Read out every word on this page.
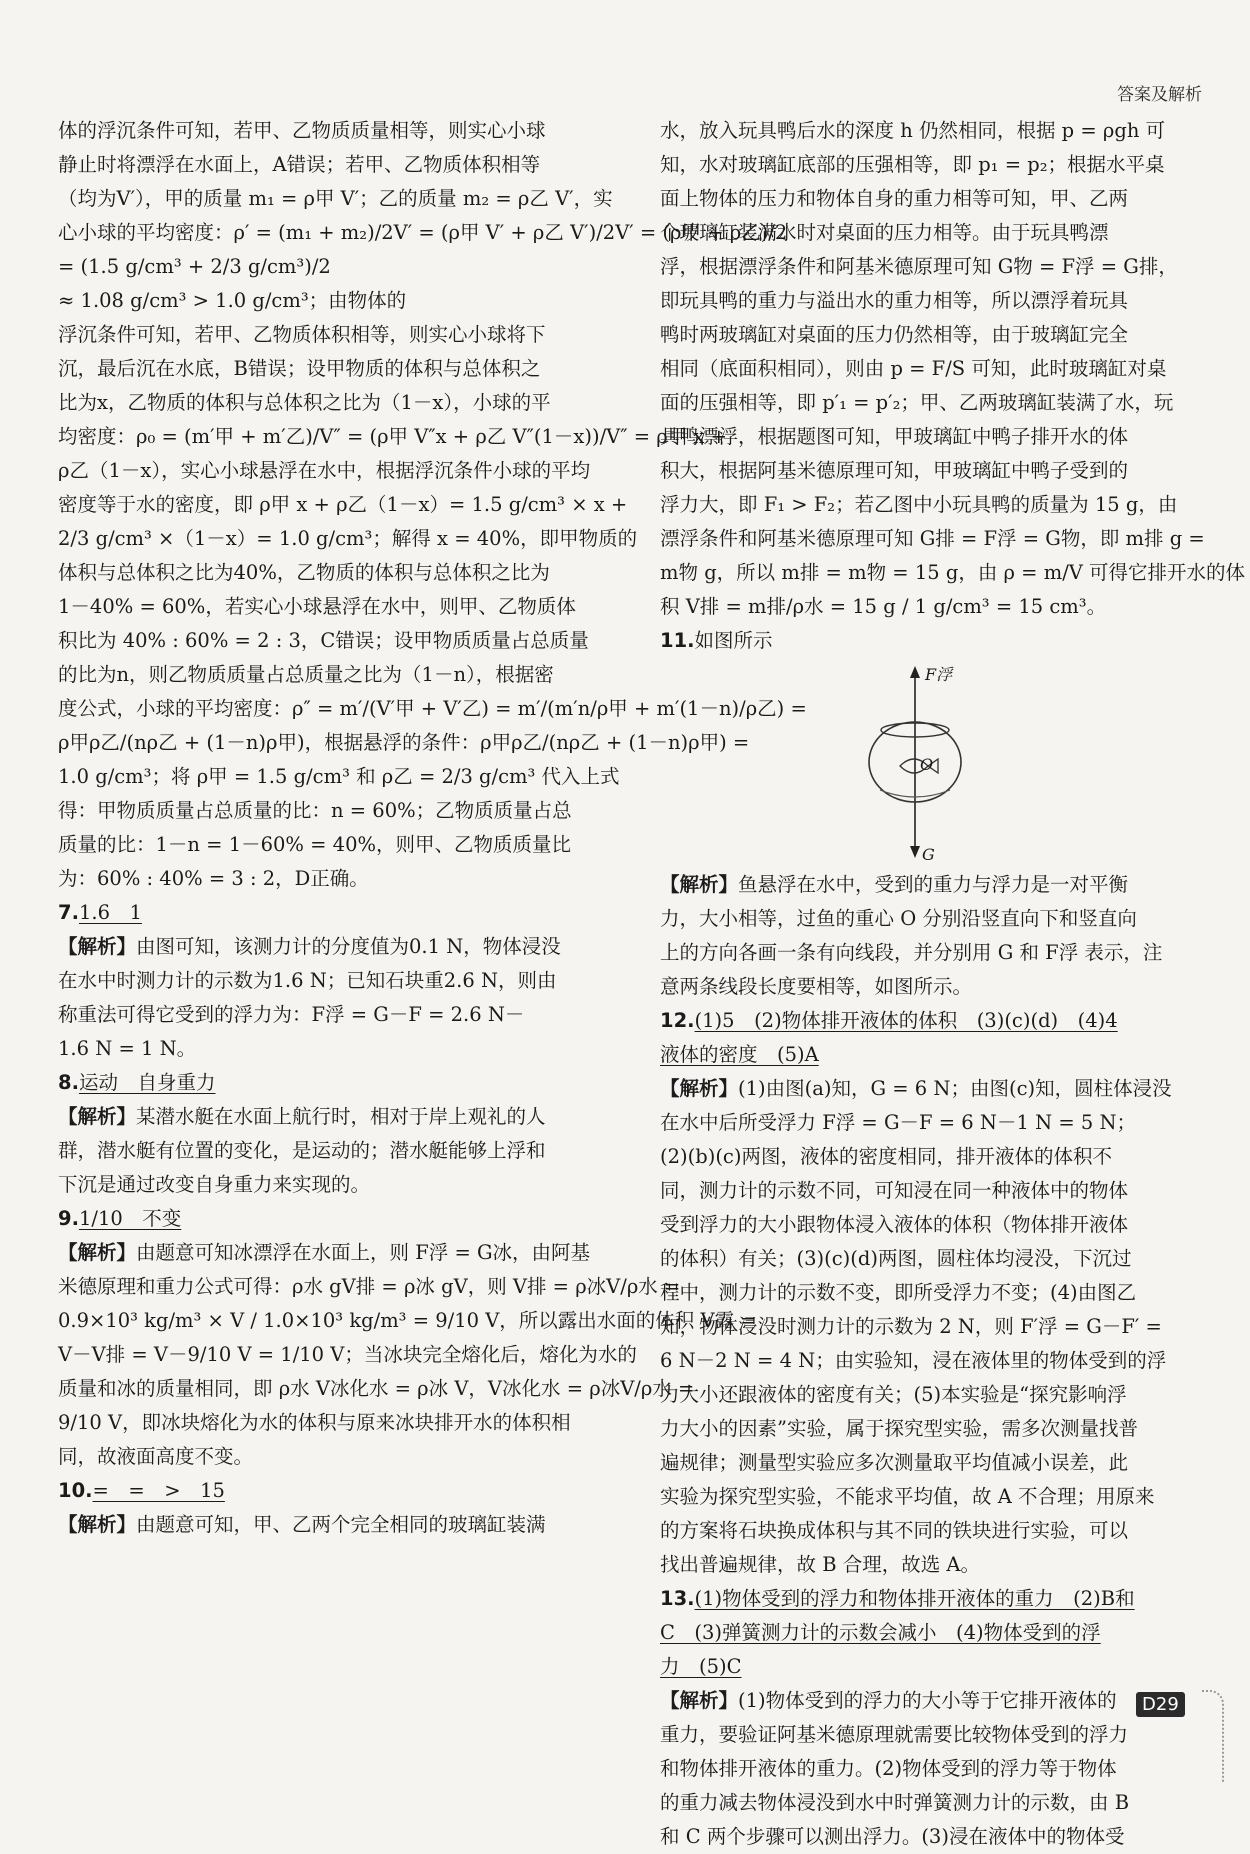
答案及解析
体的浮沉条件可知，若甲、乙物质质量相等，则实心小球
静止时将漂浮在水面上，A错误；若甲、乙物质体积相等
（均为V′），甲的质量 m₁ = ρ甲 V′；乙的质量 m₂ = ρ乙 V′，实
心小球的平均密度：ρ′ = (m₁ + m₂)/2V′ = (ρ甲 V′ + ρ乙 V′)/2V′ = (ρ甲 + ρ乙)/2
= (1.5 g/cm³ + 2/3 g/cm³)/2
≈ 1.08 g/cm³ > 1.0 g/cm³；由物体的
浮沉条件可知，若甲、乙物质体积相等，则实心小球将下
沉，最后沉在水底，B错误；设甲物质的体积与总体积之
比为x，乙物质的体积与总体积之比为（1－x），小球的平
均密度：ρ₀ = (m′甲 + m′乙)/V″ = (ρ甲 V″x + ρ乙 V″(1－x))/V″ = ρ甲 x +
ρ乙（1－x），实心小球悬浮在水中，根据浮沉条件小球的平均
密度等于水的密度，即 ρ甲 x + ρ乙（1－x）= 1.5 g/cm³ × x +
2/3 g/cm³ ×（1－x）= 1.0 g/cm³；解得 x = 40%，即甲物质的
体积与总体积之比为40%，乙物质的体积与总体积之比为
1－40% = 60%，若实心小球悬浮在水中，则甲、乙物质体
积比为 40% : 60% = 2 : 3，C错误；设甲物质质量占总质量
的比为n，则乙物质质量占总质量之比为（1－n），根据密
度公式，小球的平均密度：ρ″ = m′/(V′甲 + V′乙) = m′/(m′n/ρ甲 + m′(1－n)/ρ乙) =
ρ甲ρ乙/(nρ乙 + (1－n)ρ甲)，根据悬浮的条件：ρ甲ρ乙/(nρ乙 + (1－n)ρ甲) =
1.0 g/cm³；将 ρ甲 = 1.5 g/cm³ 和 ρ乙 = 2/3 g/cm³ 代入上式
得：甲物质质量占总质量的比：n = 60%；乙物质质量占总
质量的比：1－n = 1－60% = 40%，则甲、乙物质质量比
为：60% : 40% = 3 : 2，D正确。
7.1.6　1
【解析】由图可知，该测力计的分度值为0.1 N，物体浸没
在水中时测力计的示数为1.6 N；已知石块重2.6 N，则由
称重法可得它受到的浮力为：F浮 = G－F = 2.6 N－
1.6 N = 1 N。
8.运动　自身重力
【解析】某潜水艇在水面上航行时，相对于岸上观礼的人
群，潜水艇有位置的变化，是运动的；潜水艇能够上浮和
下沉是通过改变自身重力来实现的。
9.1/10　不变
【解析】由题意可知冰漂浮在水面上，则 F浮 = G冰，由阿基
米德原理和重力公式可得：ρ水 gV排 = ρ冰 gV，则 V排 = ρ冰V/ρ水 =
0.9×10³ kg/m³ × V / 1.0×10³ kg/m³ = 9/10 V，所以露出水面的体积 V露 =
V－V排 = V－9/10 V = 1/10 V；当冰块完全熔化后，熔化为水的
质量和冰的质量相同，即 ρ水 V冰化水 = ρ冰 V，V冰化水 = ρ冰V/ρ水 =
9/10 V，即冰块熔化为水的体积与原来冰块排开水的体积相
同，故液面高度不变。
10.=　=　>　15
【解析】由题意可知，甲、乙两个完全相同的玻璃缸装满
水，放入玩具鸭后水的深度 h 仍然相同，根据 p = ρgh 可
知，水对玻璃缸底部的压强相等，即 p₁ = p₂；根据水平桌
面上物体的压力和物体自身的重力相等可知，甲、乙两
个玻璃缸装满水时对桌面的压力相等。由于玩具鸭漂
浮，根据漂浮条件和阿基米德原理可知 G物 = F浮 = G排，
即玩具鸭的重力与溢出水的重力相等，所以漂浮着玩具
鸭时两玻璃缸对桌面的压力仍然相等，由于玻璃缸完全
相同（底面积相同），则由 p = F/S 可知，此时玻璃缸对桌
面的压强相等，即 p′₁ = p′₂；甲、乙两玻璃缸装满了水，玩
具鸭漂浮，根据题图可知，甲玻璃缸中鸭子排开水的体
积大，根据阿基米德原理可知，甲玻璃缸中鸭子受到的
浮力大，即 F₁ > F₂；若乙图中小玩具鸭的质量为 15 g，由
漂浮条件和阿基米德原理可知 G排 = F浮 = G物，即 m排 g =
m物 g，所以 m排 = m物 = 15 g，由 ρ = m/V 可得它排开水的体
积 V排 = m排/ρ水 = 15 g / 1 g/cm³ = 15 cm³。
11.如图所示
F浮
O
G
【解析】鱼悬浮在水中，受到的重力与浮力是一对平衡
力，大小相等，过鱼的重心 O 分别沿竖直向下和竖直向
上的方向各画一条有向线段，并分别用 G 和 F浮 表示，注
意两条线段长度要相等，如图所示。
12.(1)5　(2)物体排开液体的体积　(3)(c)(d)　(4)4
液体的密度　(5)A
【解析】(1)由图(a)知，G = 6 N；由图(c)知，圆柱体浸没
在水中后所受浮力 F浮 = G－F = 6 N－1 N = 5 N；
(2)(b)(c)两图，液体的密度相同，排开液体的体积不
同，测力计的示数不同，可知浸在同一种液体中的物体
受到浮力的大小跟物体浸入液体的体积（物体排开液体
的体积）有关；(3)(c)(d)两图，圆柱体均浸没，下沉过
程中，测力计的示数不变，即所受浮力不变；(4)由图乙
知，物体浸没时测力计的示数为 2 N，则 F′浮 = G－F′ =
6 N－2 N = 4 N；由实验知，浸在液体里的物体受到的浮
力大小还跟液体的密度有关；(5)本实验是“探究影响浮
力大小的因素”实验，属于探究型实验，需多次测量找普
遍规律；测量型实验应多次测量取平均值减小误差，此
实验为探究型实验，不能求平均值，故 A 不合理；用原来
的方案将石块换成体积与其不同的铁块进行实验，可以
找出普遍规律，故 B 合理，故选 A。
13.(1)物体受到的浮力和物体排开液体的重力　(2)B和
C　(3)弹簧测力计的示数会减小　(4)物体受到的浮
力　(5)C
【解析】(1)物体受到的浮力的大小等于它排开液体的
重力，要验证阿基米德原理就需要比较物体受到的浮力
和物体排开液体的重力。(2)物体受到的浮力等于物体
的重力减去物体浸没到水中时弹簧测力计的示数，由 B
和 C 两个步骤可以测出浮力。(3)浸在液体中的物体受
D29
